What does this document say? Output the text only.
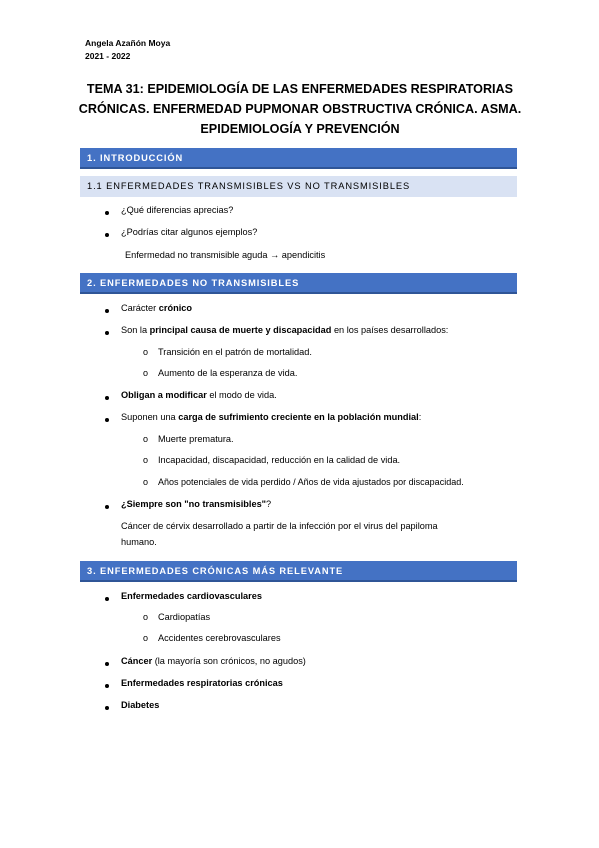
Angela Azañón Moya
2021 - 2022
TEMA 31: EPIDEMIOLOGÍA DE LAS ENFERMEDADES RESPIRATORIAS
CRÓNICAS. ENFERMEDAD PUPMONAR OBSTRUCTIVA CRÓNICA. ASMA.
EPIDEMIOLOGÍA Y PREVENCIÓN
1. INTRODUCCIÓN
1.1 ENFERMEDADES TRANSMISIBLES VS NO TRANSMISIBLES
¿Qué diferencias aprecias?
¿Podrías citar algunos ejemplos?
Enfermedad no transmisible aguda → apendicitis
2. ENFERMEDADES NO TRANSMISIBLES
Carácter crónico
Son la principal causa de muerte y discapacidad en los países desarrollados:
o Transición en el patrón de mortalidad.
o Aumento de la esperanza de vida.
Obligan a modificar el modo de vida.
Suponen una carga de sufrimiento creciente en la población mundial:
o Muerte prematura.
o Incapacidad, discapacidad, reducción en la calidad de vida.
o Años potenciales de vida perdido / Años de vida ajustados por discapacidad.
¿Siempre son "no transmisibles"?
Cáncer de cérvix desarrollado a partir de la infección por el virus del papiloma
humano.
3. ENFERMEDADES CRÓNICAS MÁS RELEVANTE
Enfermedades cardiovasculares
o Cardiopatías
o Accidentes cerebrovasculares
Cáncer (la mayoría son crónicos, no agudos)
Enfermedades respiratorias crónicas
Diabetes
